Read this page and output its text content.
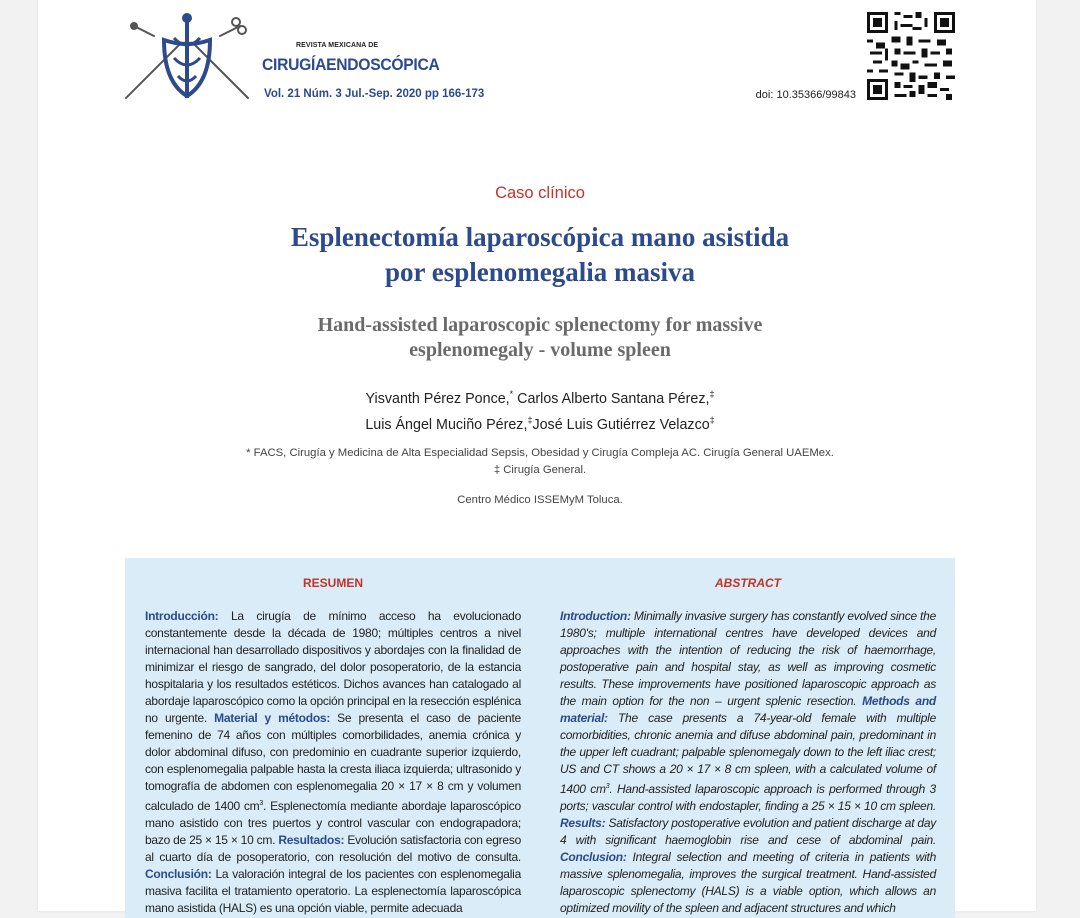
REVISTA MEXICANA DE
CIRUGÍAENDOSCÓPICA
Vol. 21 Núm. 3 Jul.-Sep. 2020 pp 166-173	doi: 10.35366/99843
Caso clínico
Esplenectomía laparoscópica mano asistida
por esplenomegalia masiva
Hand-assisted laparoscopic splenectomy for massive
esplenomegaly - volume spleen
Yisvanth Pérez Ponce,* Carlos Alberto Santana Pérez,‡
Luis Ángel Muciño Pérez,‡José Luis Gutiérrez Velazco‡
* FACS, Cirugía y Medicina de Alta Especialidad Sepsis, Obesidad y Cirugía Compleja AC. Cirugía General UAEMex.
‡ Cirugía General.
Centro Médico ISSEMyM Toluca.
RESUMEN
Introducción: La cirugía de mínimo acceso ha evolucionado constantemente desde la década de 1980; múltiples centros a nivel internacional han desarrollado dispositivos y abordajes con la finalidad de minimizar el riesgo de sangrado, del dolor posoperatorio, de la estancia hospitalaria y los resultados estéticos. Dichos avances han catalogado al abordaje laparoscópico como la opción principal en la resección esplénica no urgente. Material y métodos: Se presenta el caso de paciente femenino de 74 años con múltiples comorbilidades, anemia crónica y dolor abdominal difuso, con predominio en cuadrante superior izquierdo, con esplenomegalia palpable hasta la cresta iliaca izquierda; ultrasonido y tomografía de abdomen con esplenomegalia 20 × 17 × 8 cm y volumen calculado de 1400 $cm^3$. Esplenectomía mediante abordaje laparoscópico mano asistido con tres puertos y control vascular con endograpadora; bazo de 25 × 15 × 10 cm. Resultados: Evolución satisfactoria con egreso al cuarto día de posoperatorio, con resolución del motivo de consulta. Conclusión: La valoración integral de los pacientes con esplenomegalia masiva facilita el tratamiento operatorio. La esplenectomía laparoscópica mano asistida (HALS) es una opción viable, permite adecuada
ABSTRACT
Introduction: Minimally invasive surgery has constantly evolved since the 1980's; multiple international centres have developed devices and approaches with the intention of reducing the risk of haemorrhage, postoperative pain and hospital stay, as well as improving cosmetic results. These improvements have positioned laparoscopic approach as the main option for the non – urgent splenic resection. Methods and material: The case presents a 74-year-old female with multiple comorbidities, chronic anemia and difuse abdominal pain, predominant in the upper left cuadrant; palpable splenomegaly down to the left iliac crest; US and CT shows a 20 × 17 × 8 cm spleen, with a calculated volume of 1400 $cm^3$. Hand-assisted laparoscopic approach is performed through 3 ports; vascular control with endostapler, finding a 25 × 15 × 10 cm spleen. Results: Satisfactory postoperative evolution and patient discharge at day 4 with significant haemoglobin rise and cese of abdominal pain. Conclusion: Integral selection and meeting of criteria in patients with massive splenomegalia, improves the surgical treatment. Hand-assisted laparoscopic splenectomy (HALS) is a viable option, which allows an optimized movility of the spleen and adjacent structures and which
